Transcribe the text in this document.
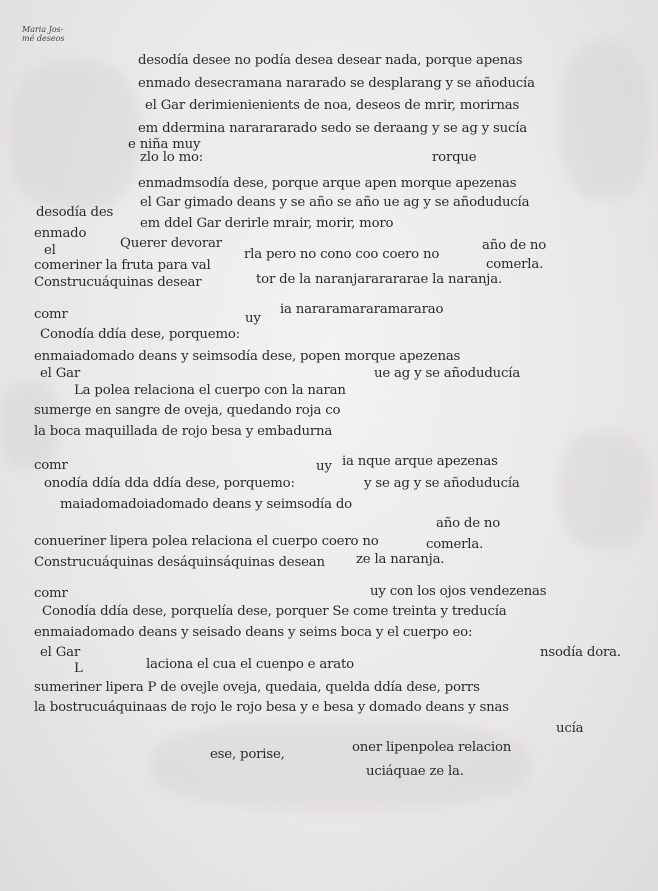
Maria Jos-
mé deseos
desodía desee no podía desea desear nada, porque apenas
enmado desecramana nararado se desplarang y se añoducía
el Gar derimienienients de noa, deseos de mrir, morirnas
em ddermina nararararado sedo se deraang y se ag y sucía
e niña muy
zlo lo mo:	rorque
enmadmsodía dese, porque arque apen morque apezenas
el Gar gimado deans y se año se año ue ag y se añoduducía
desodía des
enmado
em ddel Gar derirle mrair, morir, moro
el	Querer devorar
rla pero no cono coo coero no
año de no
comeriner la fruta para val	comerla.
Construcuáquinas desear	tor de la naranjararararae la naranja.
comr	uy
ia nararamararamararao
Conodía ddía dese, porquemo:
enmaiadomado deans y seimsodía dese, popen morque apezenas
el Gar	ue ag y se añoduducía
La polea relaciona el cuerpo con la naran
sumerge en sangre de oveja, quedando roja co
la boca maquillada de rojo besa y embadurna
comr	uy ia nque arque apezenas
onodía ddía dda ddía dese, porquemo:	y se ag y se añoduducía
maiadomadoiadomado deans y seimsodía do
año de no
conueriner lipera polea relaciona el cuerpo coero no	comerla.
Construcuáquinas desáquinsáquinas desean ze la naranja.
comr	uy con los ojos vendezenas
Conodía ddía dese, porquelía dese, porquer Se come treinta y treducía
enmaiadomado deans y seisado deans y seims boca y el cuerpo eo:
el Gar	nsodía dora.
L	laciona el cua el cuenpo e arato
sumeriner lipera P de ovejle oveja, quedaia, quelda ddía dese, porrs
la bostrucuáquinaas de rojo le rojo besa y e besa y domado deans y snas
ucía
ese, porise,	oner lipenpolea relacion
uciáquae ze la.
